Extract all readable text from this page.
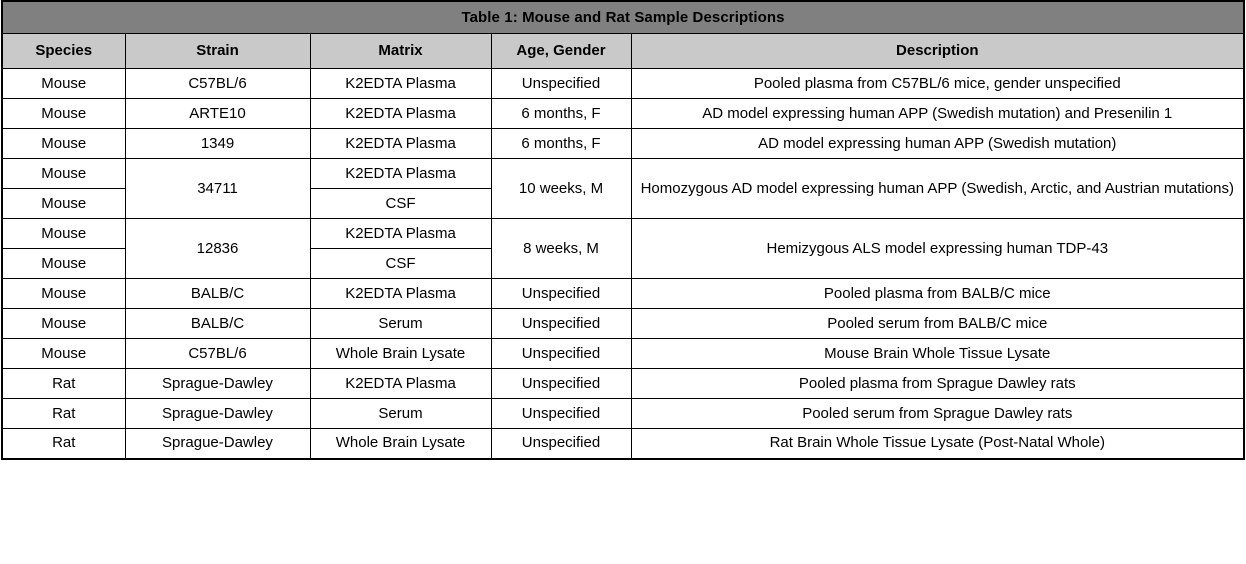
Table 1: Mouse and Rat Sample Descriptions				
Species	Strain	Matrix	Age, Gender	Description
Mouse	C57BL/6	K2EDTA Plasma	Unspecified	Pooled plasma from C57BL/6 mice, gender unspecified
Mouse	ARTE10	K2EDTA Plasma	6 months, F	AD model expressing human APP (Swedish mutation) and Presenilin 1
Mouse	1349	K2EDTA Plasma	6 months, F	AD model expressing human APP (Swedish mutation)
Mouse	34711	K2EDTA Plasma	10 weeks, M	Homozygous AD model expressing human APP (Swedish, Arctic, and Austrian mutations)
Mouse		CSF		
Mouse	12836	K2EDTA Plasma	8 weeks, M	Hemizygous ALS model expressing human TDP-43
Mouse		CSF		
Mouse	BALB/C	K2EDTA Plasma	Unspecified	Pooled plasma from BALB/C mice
Mouse	BALB/C	Serum	Unspecified	Pooled serum from BALB/C mice
Mouse	C57BL/6	Whole Brain Lysate	Unspecified	Mouse Brain Whole Tissue Lysate
Rat	Sprague-Dawley	K2EDTA Plasma	Unspecified	Pooled plasma from Sprague Dawley rats
Rat	Sprague-Dawley	Serum	Unspecified	Pooled serum from Sprague Dawley rats
Rat	Sprague-Dawley	Whole Brain Lysate	Unspecified	Rat Brain Whole Tissue Lysate (Post-Natal Whole)
